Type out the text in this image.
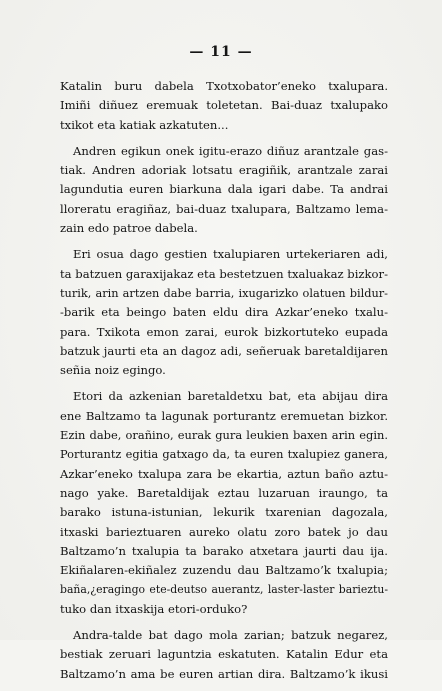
— 11 —

Katalin buru dabela Txotxobator’eneko txalupara.
Imiñi diñuez eremuak toletetan. Bai-duaz txalupako
txikot eta katiak azkatuten...

Andren egikun onek igitu-erazo diñuz arantzale gas-
tiak. Andren adoriak lotsatu eragiñik, arantzale zarai
lagundutia euren biarkuna dala igari dabe. Ta andrai
lloreratu eragiñaz, bai-duaz txalupara, Baltzamo lema-
zain edo patroe dabela.

Eri osua dago gestien txalupiaren urtekeriaren adi,
ta batzuen garaxijakaz eta bestetzuen txaluakaz bizkor-
turik, arin artzen dabe barria, ixugarizko olatuen bildur-
-barik eta beingo baten eldu dira Azkar’eneko txalu-
para. Txikota emon zarai, eurok bizkortuteko eupada
batzuk jaurti eta an dagoz adi, señeruak baretaldijaren
señia noiz egingo.

Etori da azkenian baretaldetxu bat, eta abijau dira
ene Baltzamo ta lagunak porturantz eremuetan bizkor.
Ezin dabe, orañino, eurak gura leukien baxen arin egin.
Porturantz egitia gatxago da, ta euren txalupiez ganera,
Azkar’eneko txalupa zara be ekartia, aztun baño aztu-
nago yake. Baretaldijak eztau luzaruan iraungo, ta
barako istuna-istunian, lekurik txarenian dagozala,
itxaski barieztuaren aureko olatu zoro batek jo dau
Baltzamo’n txalupia ta barako atxetara jaurti dau ija.
Ekiñalaren-ekiñalez zuzendu dau Baltzamo’k txalupia;
baña,¿eragingo ete-deutso auerantz, laster-laster barieztu-
tuko dan itxaskija etori-orduko?

Andra-talde bat dago mola zarian; batzuk negarez,
bestiak zeruari laguntzia eskatuten. Katalin Edur eta
Baltzamo’n ama be euren artian dira. Baltzamo’k ikusi
